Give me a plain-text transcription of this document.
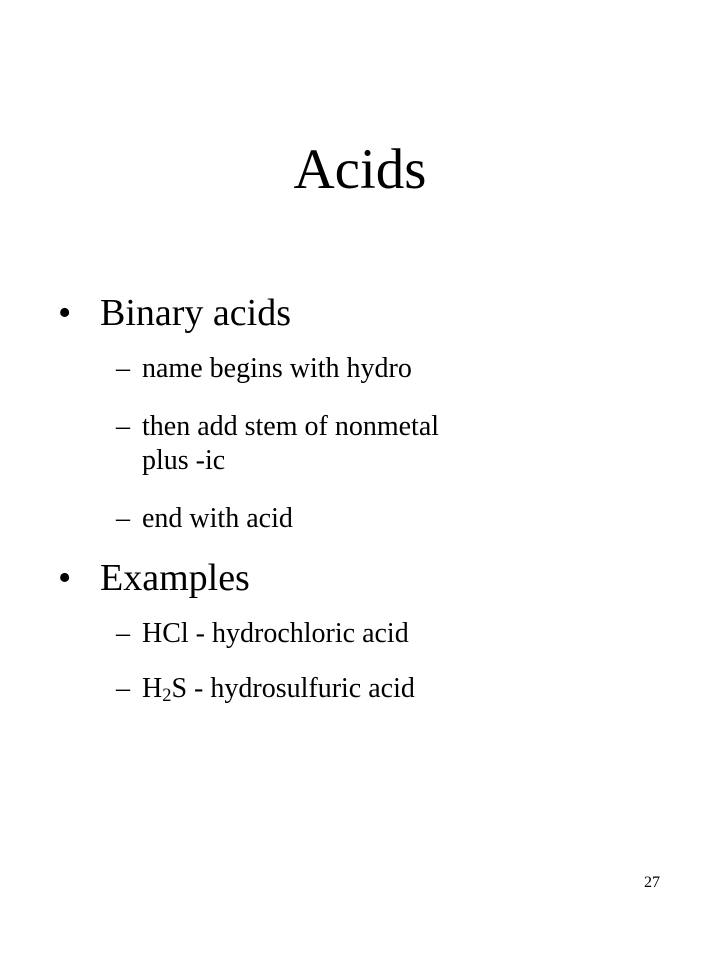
Acids
• Binary acids
– name begins with hydro
– then add stem of nonmetal
plus -ic
– end with acid
• Examples
– HCl - hydrochloric acid
– $H_2S$ - hydrosulfuric acid
27
